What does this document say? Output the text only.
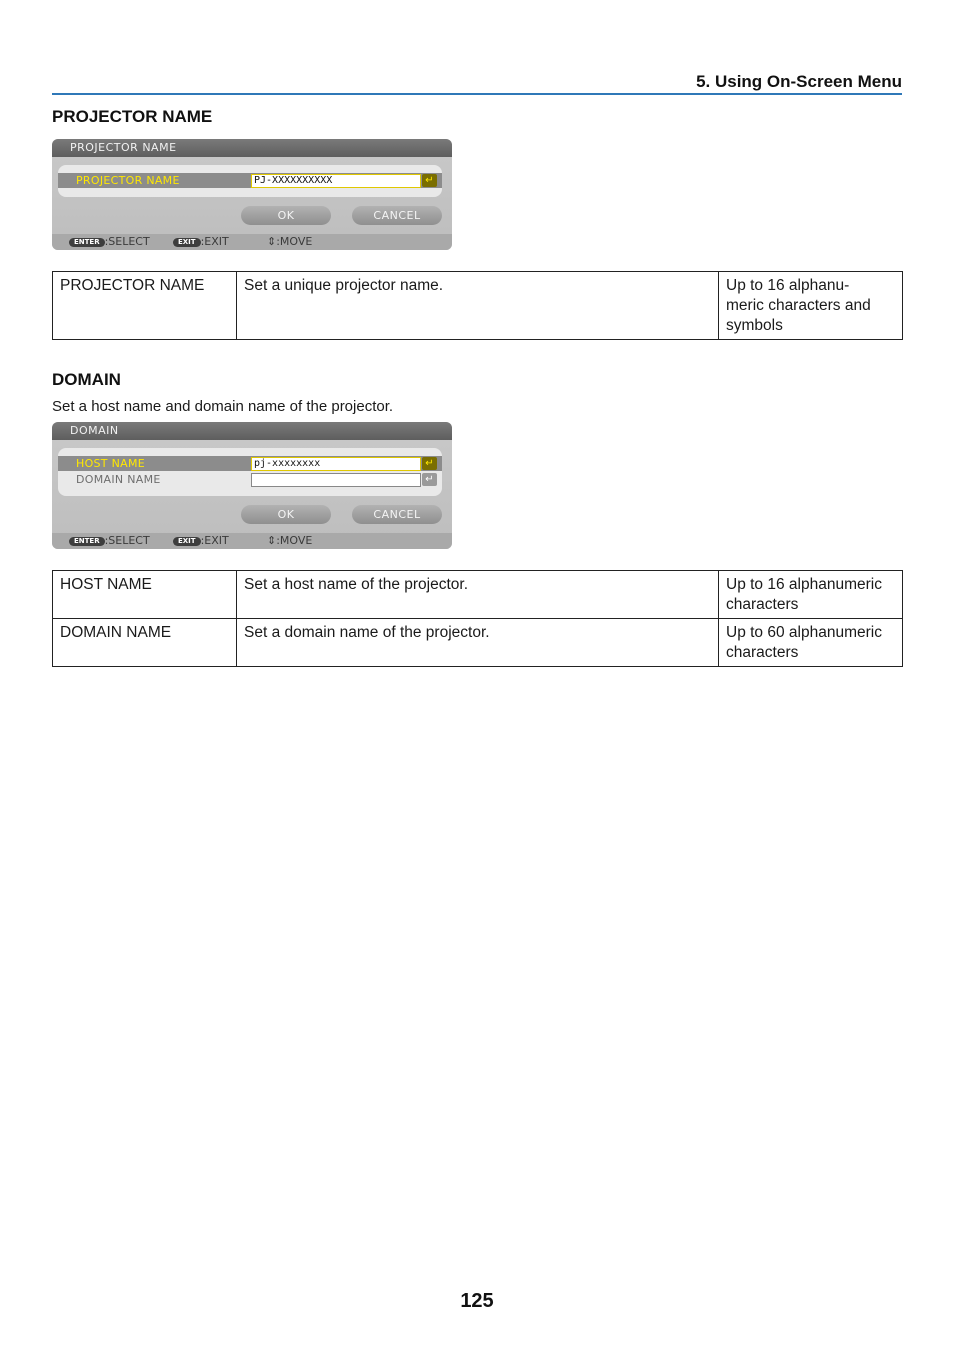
5. Using On-Screen Menu
PROJECTOR NAME
PROJECTOR NAME
PROJECTOR NAME	PJ-XXXXXXXXXX	↵
OK	CANCEL
ENTER :SELECT	EXIT :EXIT	⇕:MOVE
PROJECTOR NAME	Set a unique projector name.	Up to 16 alphanu-
meric characters and
symbols
DOMAIN
Set a host name and domain name of the projector.
DOMAIN
HOST NAME	pj-xxxxxxxx	↵
DOMAIN NAME	↵
OK	CANCEL
ENTER :SELECT	EXIT :EXIT	⇕:MOVE
HOST NAME	Set a host name of the projector.	Up to 16 alphanumeric characters
DOMAIN NAME	Set a domain name of the projector.	Up to 60 alphanumeric characters
125
